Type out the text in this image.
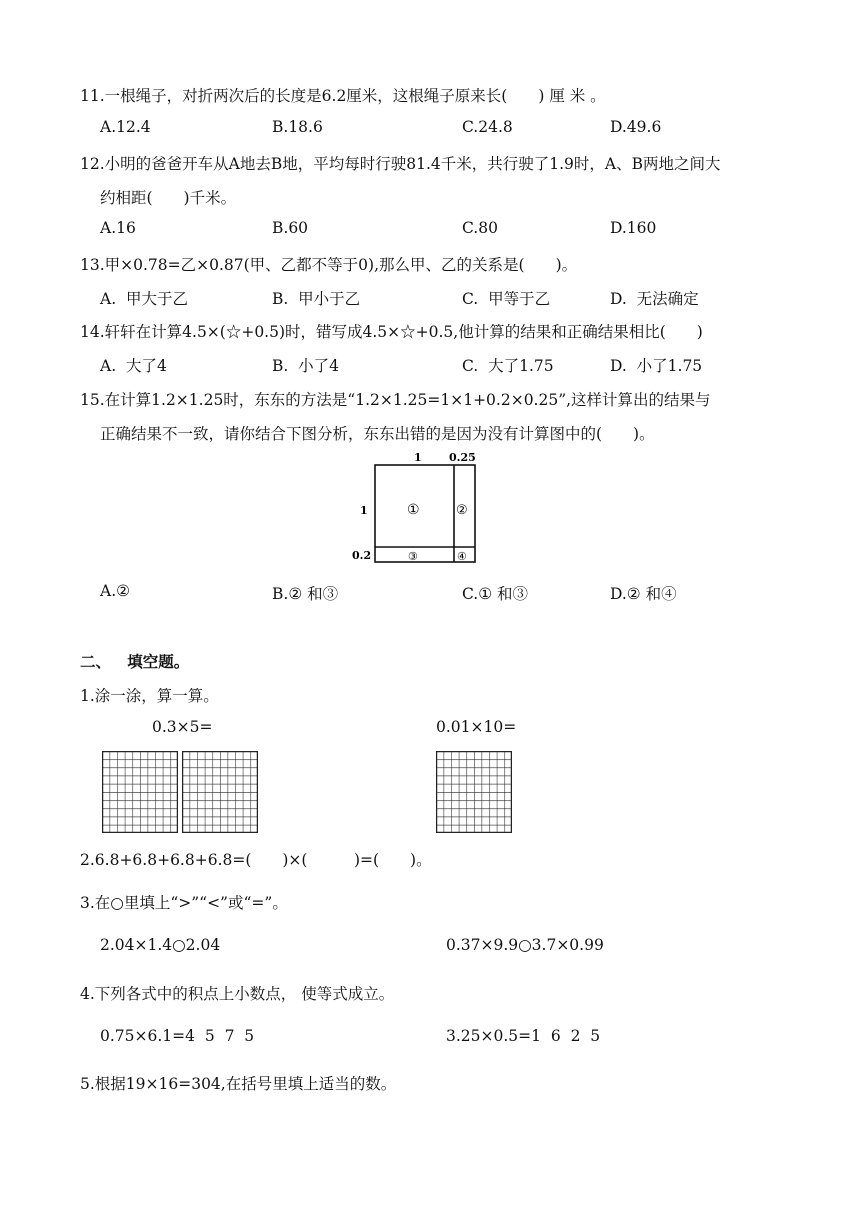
11.一根绳子，对折两次后的长度是6.2厘米，这根绳子原来长(　　) 厘 米 。
A.12.4	B.18.6	C.24.8	D.49.6
12.小明的爸爸开车从A地去B地，平均每时行驶81.4千米，共行驶了1.9时，A、B两地之间大
约相距(　　)千米。
A.16	B.60	C.80	D.160
13.甲×0.78=乙×0.87(甲、乙都不等于0),那么甲、乙的关系是(　　)。
A.  甲大于乙	B.  甲小于乙	C.  甲等于乙	D.  无法确定
14.轩轩在计算4.5×(☆+0.5)时，错写成4.5×☆+0.5,他计算的结果和正确结果相比(　　)
A.  大了4	B.  小了4	C.  大了1.75	D.  小了1.75
15.在计算1.2×1.25时，东东的方法是“1.2×1.25=1×1+0.2×0.25”,这样计算出的结果与
正确结果不一致，请你结合下图分析，东东出错的是因为没有计算图中的(　　)。
1 0.25
1
0.2
①	②
③	④
A.②	B.② 和③	C.① 和③	D.② 和④
二、   填空题。
1.涂一涂，算一算。
0.3×5=	0.01×10=
2.6.8+6.8+6.8+6.8=(　　)×(　　　)=(　　)。
3.在○里填上“>”“<”或“=”。
2.04×1.4○2.04	0.37×9.9○3.7×0.99
4.下列各式中的积点上小数点， 使等式成立。
0.75×6.1=4  5  7  5	3.25×0.5=1  6  2  5
5.根据19×16=304,在括号里填上适当的数。
